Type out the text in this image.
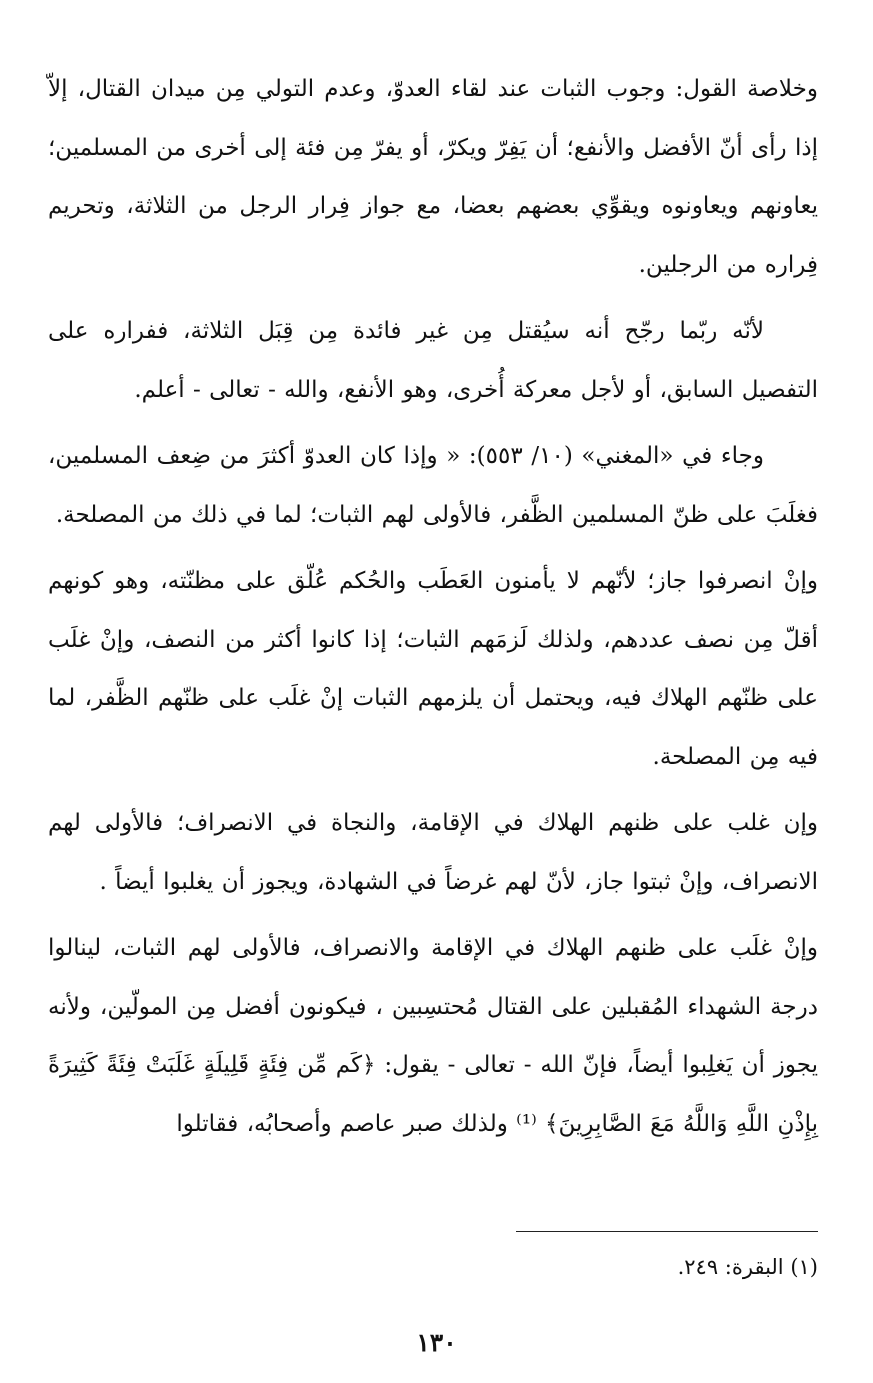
وخلاصة القول: وجوب الثبات عند لقاء العدوّ، وعدم التولي مِن ميدان القتال، إلاّ إذا رأى أنّ الأفضل والأنفع؛ أن يَفِرّ ويكرّ، أو يفرّ مِن فئة إلى أخرى من المسلمين؛ يعاونهم ويعاونوه ويقوِّي بعضهم بعضا، مع جواز فِرار الرجل من الثلاثة، وتحريم فِراره من الرجلين.

لأنّه ربّما رجّح أنه سيُقتل مِن غير فائدة مِن قِبَل الثلاثة، ففراره على التفصيل السابق، أو لأجل معركة أُخرى، وهو الأنفع، والله - تعالى - أعلم.

وجاء في «المغني» (١٠/ ٥٥٣): « وإذا كان العدوّ أكثرَ من ضِعف المسلمين، فغلَبَ على ظنّ المسلمين الظَّفر، فالأولى لهم الثبات؛ لما في ذلك من المصلحة.

وإنْ انصرفوا جاز؛ لأنّهم لا يأمنون العَطَب والحُكم عُلّق على مظنّته، وهو كونهم أقلّ مِن نصف عددهم، ولذلك لَزمَهم الثبات؛ إذا كانوا أكثر من النصف، وإنْ غلَب على ظنّهم الهلاك فيه، ويحتمل أن يلزمهم الثبات إنْ غلَب على ظنّهم الظَّفر، لما فيه مِن المصلحة.

وإن غلب على ظنهم الهلاك في الإقامة، والنجاة في الانصراف؛ فالأولى لهم الانصراف، وإنْ ثبتوا جاز، لأنّ لهم غرضاً في الشهادة، ويجوز أن يغلبوا أيضاً .

وإنْ غلَب على ظنهم الهلاك في الإقامة والانصراف، فالأولى لهم الثبات، لينالوا درجة الشهداء المُقبلين على القتال مُحتسِبين ، فيكونون أفضل مِن المولّين، ولأنه يجوز أن يَغلِبوا أيضاً، فإنّ الله - تعالى - يقول: ﴿كَم مِّن فِئَةٍ قَلِيلَةٍ غَلَبَتْ فِئَةً كَثِيرَةً بِإِذْنِ اللَّهِ وَاللَّهُ مَعَ الصَّابِرِينَ﴾ ⁽¹⁾ ولذلك صبر عاصم وأصحابُه، فقاتلوا

(١) البقرة: ٢٤٩.
١٣٠
